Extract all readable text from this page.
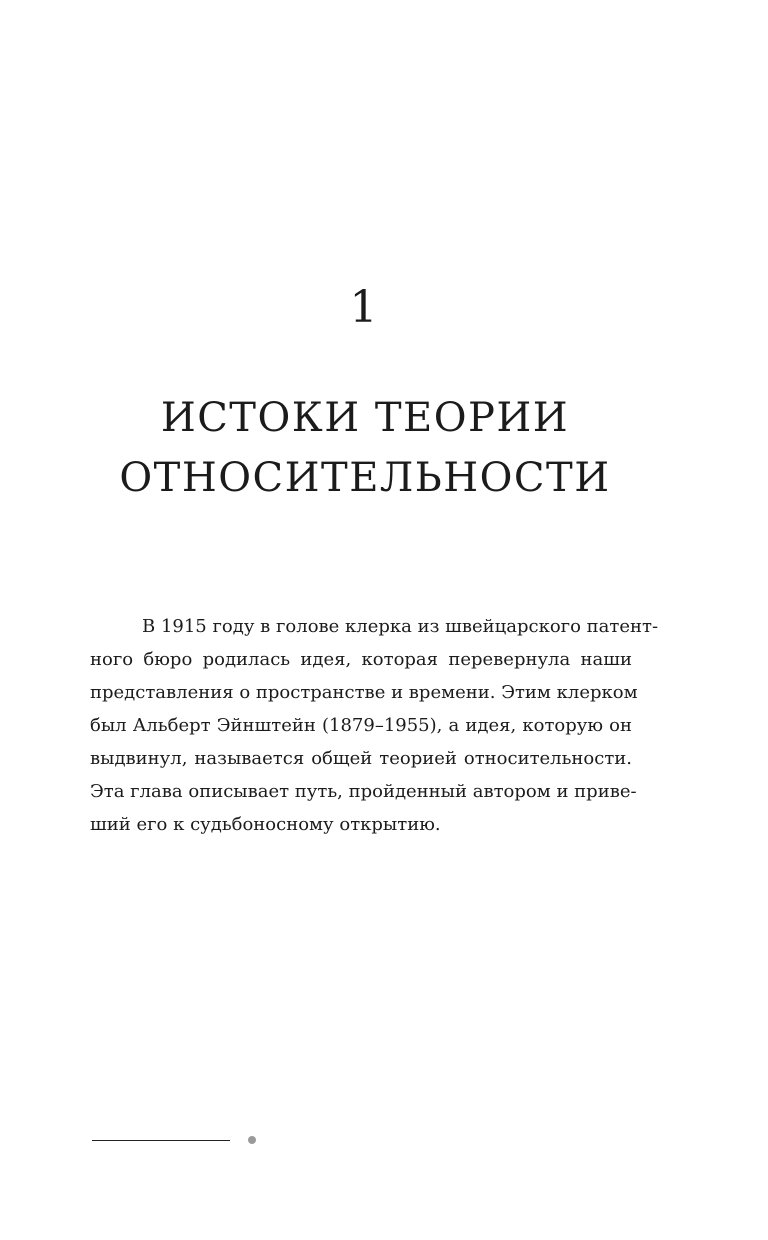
1
ИСТОКИ ТЕОРИИ
ОТНОСИТЕЛЬНОСТИ
В 1915 году в голове клерка из швейцарского патент-
ного бюро родилась идея, которая перевернула наши
представления о пространстве и времени. Этим клерком
был Альберт Эйнштейн (1879–1955), а идея, которую он
выдвинул, называется общей теорией относительности.
Эта глава описывает путь, пройденный автором и приве-
ший его к судьбоносному открытию.
